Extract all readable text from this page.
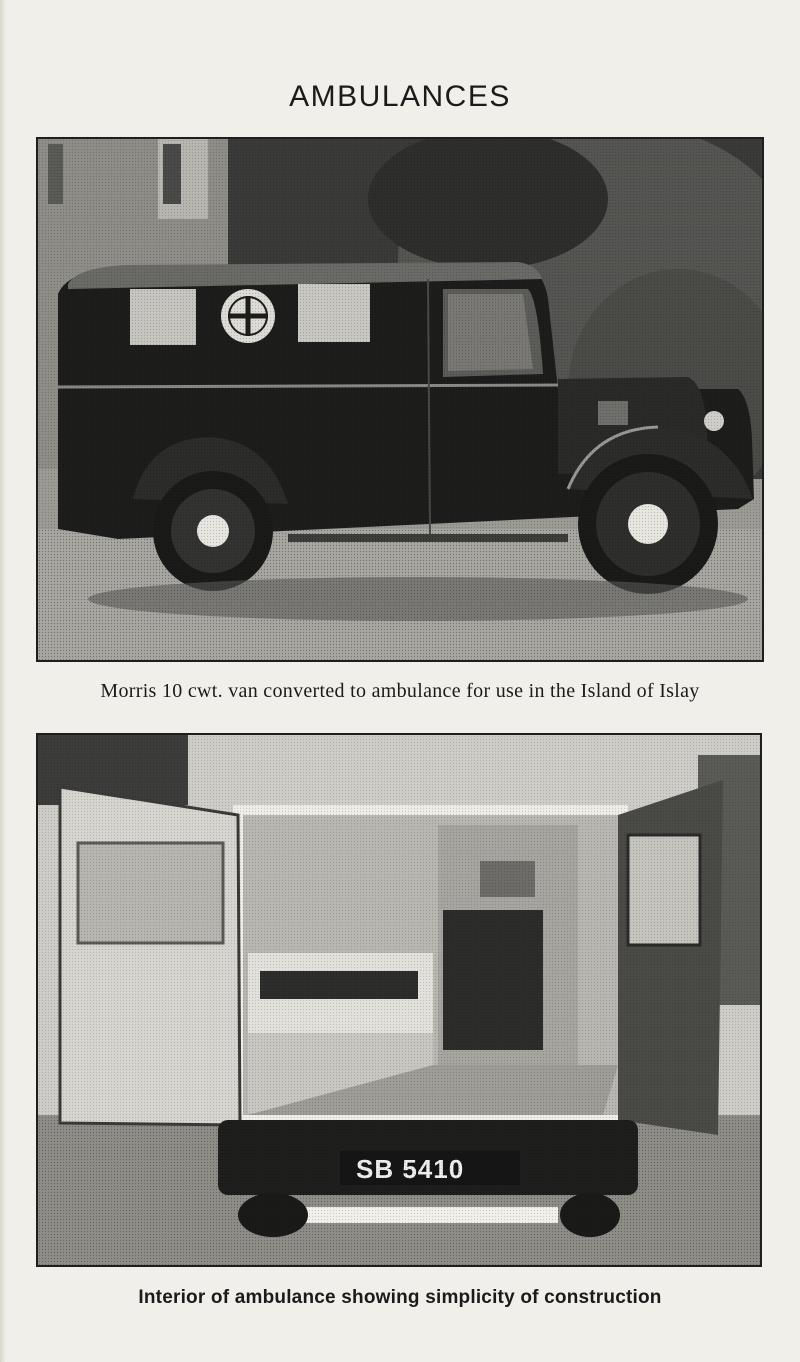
AMBULANCES
Morris 10 cwt. van converted to ambulance for use in the Island of Islay
Interior of ambulance showing simplicity of construction
